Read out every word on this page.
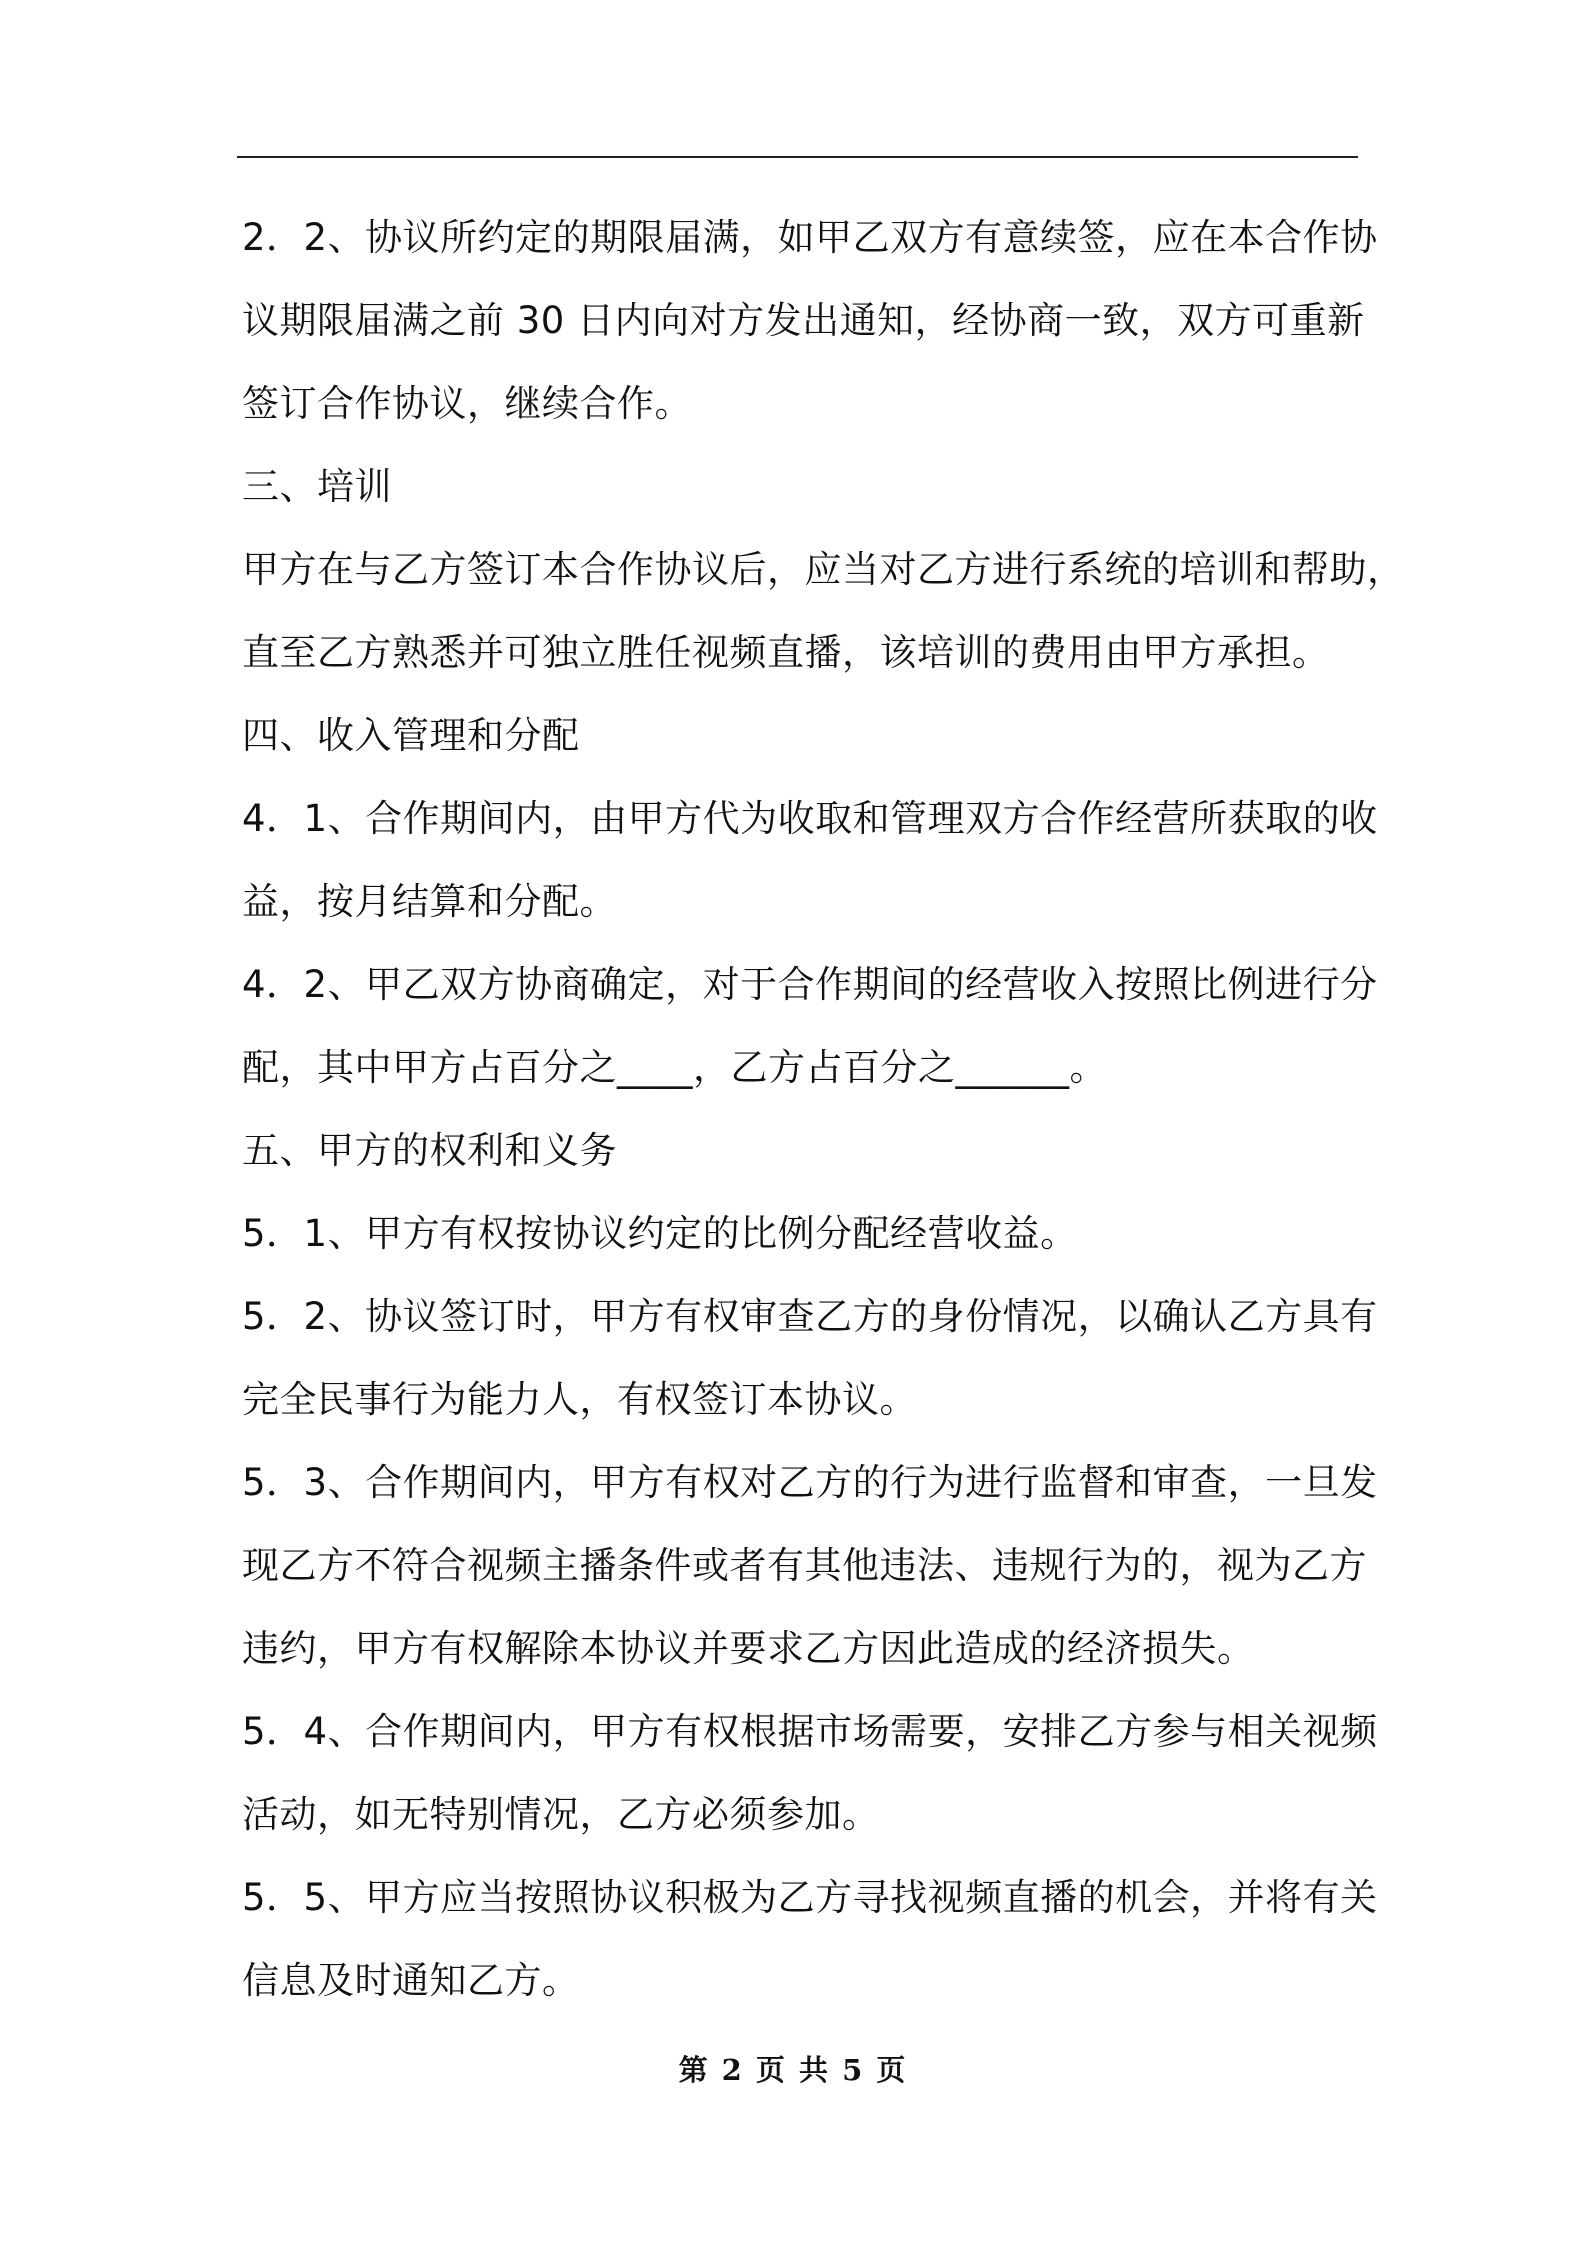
2．2、协议所约定的期限届满，如甲乙双方有意续签，应在本合作协
议期限届满之前 30 日内向对方发出通知，经协商一致，双方可重新
签订合作协议，继续合作。
三、培训
甲方在与乙方签订本合作协议后，应当对乙方进行系统的培训和帮助，
直至乙方熟悉并可独立胜任视频直播，该培训的费用由甲方承担。
四、收入管理和分配
4．1、合作期间内，由甲方代为收取和管理双方合作经营所获取的收
益，按月结算和分配。
4．2、甲乙双方协商确定，对于合作期间的经营收入按照比例进行分
配，其中甲方占百分之____，乙方占百分之______。
五、甲方的权利和义务
5．1、甲方有权按协议约定的比例分配经营收益。
5．2、协议签订时，甲方有权审查乙方的身份情况，以确认乙方具有
完全民事行为能力人，有权签订本协议。
5．3、合作期间内，甲方有权对乙方的行为进行监督和审查，一旦发
现乙方不符合视频主播条件或者有其他违法、违规行为的，视为乙方
违约，甲方有权解除本协议并要求乙方因此造成的经济损失。
5．4、合作期间内，甲方有权根据市场需要，安排乙方参与相关视频
活动，如无特别情况，乙方必须参加。
5．5、甲方应当按照协议积极为乙方寻找视频直播的机会，并将有关
信息及时通知乙方。
第 2 页 共 5 页
